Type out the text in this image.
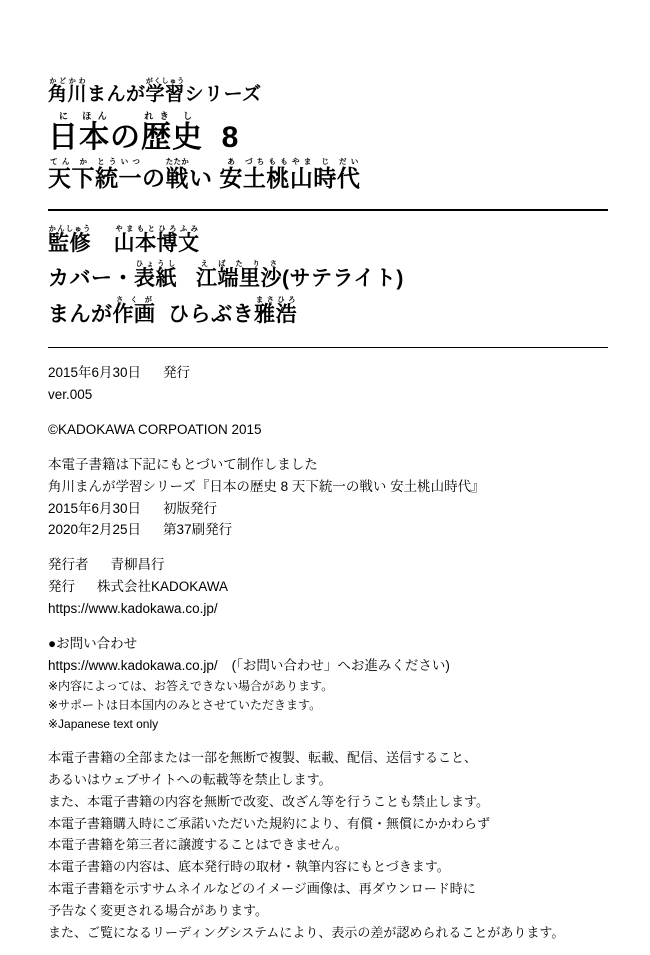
角かど川かわまんが学習がくしゅうシリーズ
日に本ほんの歴れき史し  8
天てん下か統とう一いつの戦たたかい 安あ土づち桃もも山やま時じ代だい
監修かんしゅう  山本博文やまもとひろふみ
カバー・表紙ひょうし   江端里沙えばたりさ(サテライト)
まんが作画さくが  ひらぶき雅浩まさひろ
2015年6月30日 発行
ver.005
©KADOKAWA CORPOATION 2015
本電子書籍は下記にもとづいて制作しました
角川まんが学習シリーズ『日本の歴史 8 天下統一の戦い 安土桃山時代』
2015年6月30日 初版発行
2020年2月25日 第37刷発行
発行者 青柳昌行
発行 株式会社KADOKAWA
https://www.kadokawa.co.jp/
●お問い合わせ
https://www.kadokawa.co.jp/ (「お問い合わせ」へお進みください)
※内容によっては、お答えできない場合があります。
※サポートは日本国内のみとさせていただきます。
※Japanese text only
本電子書籍の全部または一部を無断で複製、転載、配信、送信すること、
あるいはウェブサイトへの転載等を禁止します。
また、本電子書籍の内容を無断で改変、改ざん等を行うことも禁止します。
本電子書籍購入時にご承諾いただいた規約により、有償・無償にかかわらず
本電子書籍を第三者に譲渡することはできません。
本電子書籍の内容は、底本発行時の取材・執筆内容にもとづきます。
本電子書籍を示すサムネイルなどのイメージ画像は、再ダウンロード時に
予告なく変更される場合があります。
また、ご覧になるリーディングシステムにより、表示の差が認められることがあります。
